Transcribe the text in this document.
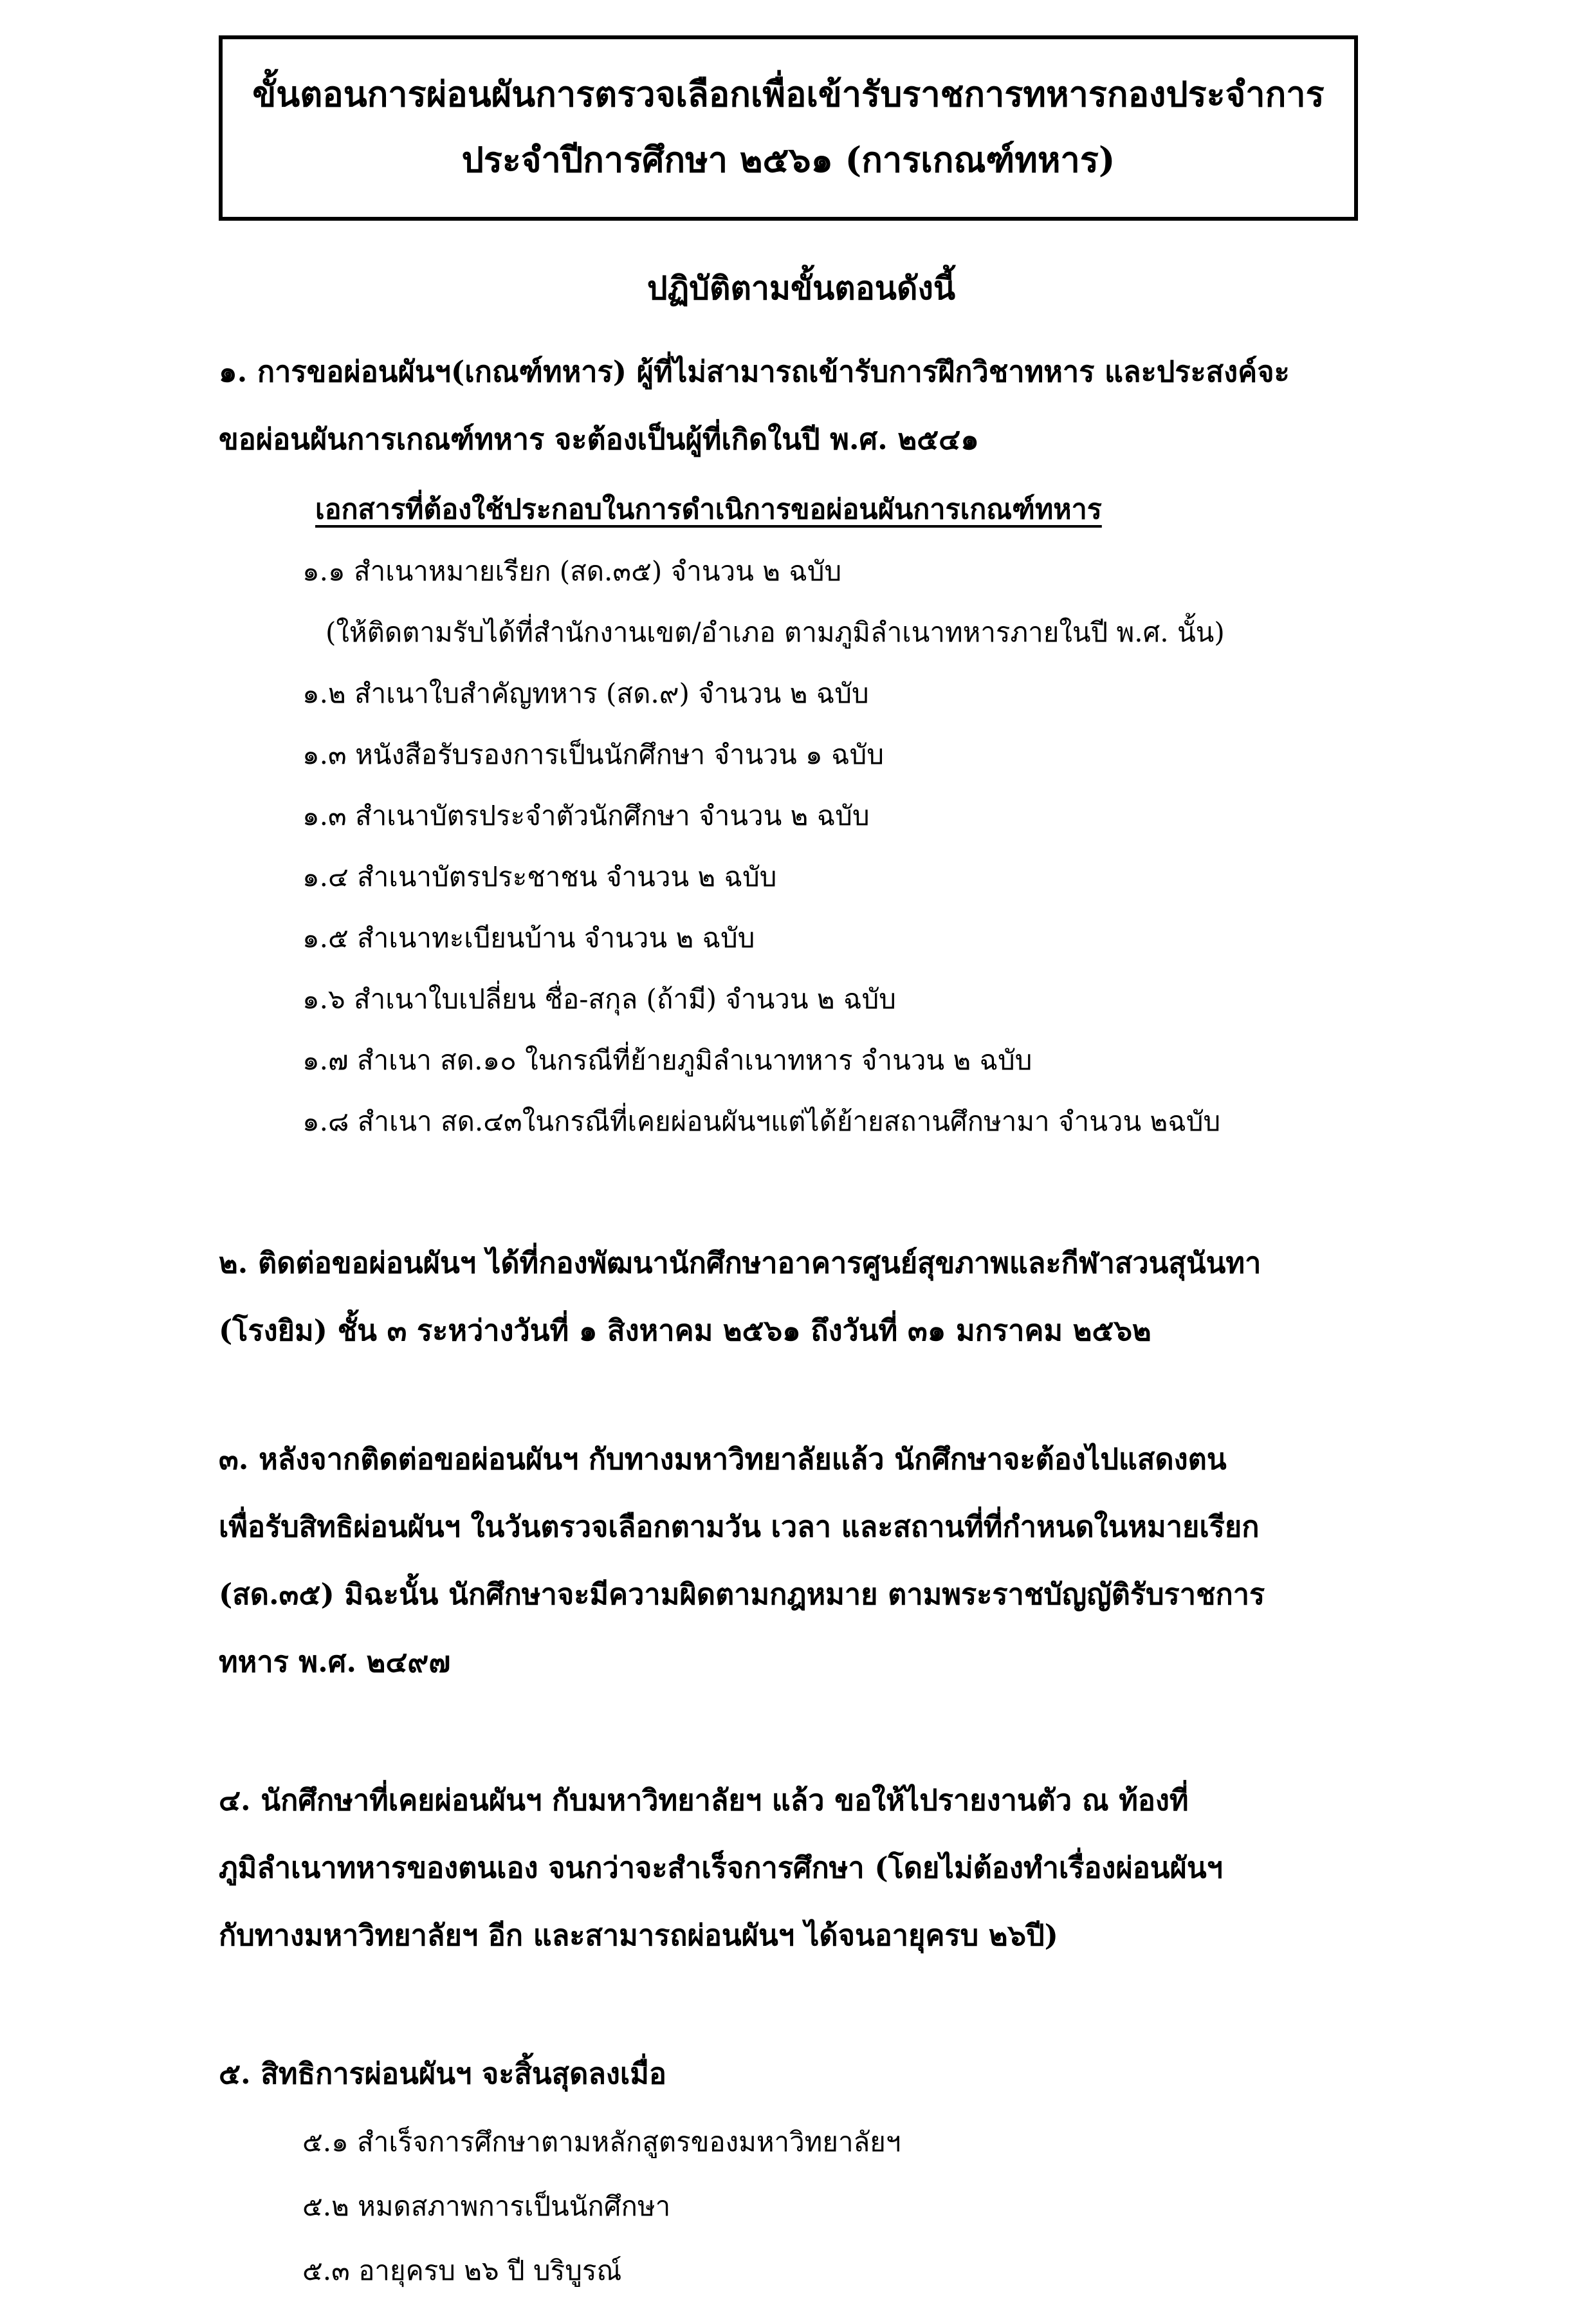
ขั้นตอนการผ่อนผันการตรวจเลือกเพื่อเข้ารับราชการทหารกองประจำการ
ประจำปีการศึกษา ๒๕๖๑ (การเกณฑ์ทหาร)
ปฏิบัติตามขั้นตอนดังนี้
๑. การขอผ่อนผันฯ(เกณฑ์ทหาร) ผู้ที่ไม่สามารถเข้ารับการฝึกวิชาทหาร และประสงค์จะ
ขอผ่อนผันการเกณฑ์ทหาร จะต้องเป็นผู้ที่เกิดในปี พ.ศ. ๒๕๔๑
เอกสารที่ต้องใช้ประกอบในการดำเนิการขอผ่อนผันการเกณฑ์ทหาร
๑.๑ สำเนาหมายเรียก (สด.๓๕) จำนวน ๒ ฉบับ
(ให้ติดตามรับได้ที่สำนักงานเขต/อำเภอ ตามภูมิลำเนาทหารภายในปี พ.ศ. นั้น)
๑.๒ สำเนาใบสำคัญทหาร (สด.๙) จำนวน ๒ ฉบับ
๑.๓ หนังสือรับรองการเป็นนักศึกษา จำนวน ๑ ฉบับ
๑.๓ สำเนาบัตรประจำตัวนักศึกษา จำนวน ๒ ฉบับ
๑.๔ สำเนาบัตรประชาชน จำนวน ๒ ฉบับ
๑.๕ สำเนาทะเบียนบ้าน จำนวน ๒ ฉบับ
๑.๖ สำเนาใบเปลี่ยน ชื่อ-สกุล (ถ้ามี) จำนวน ๒ ฉบับ
๑.๗ สำเนา สด.๑๐ ในกรณีที่ย้ายภูมิลำเนาทหาร จำนวน ๒ ฉบับ
๑.๘ สำเนา สด.๔๓ในกรณีที่เคยผ่อนผันฯแต่ได้ย้ายสถานศึกษามา จำนวน ๒ฉบับ
๒. ติดต่อขอผ่อนผันฯ ได้ที่กองพัฒนานักศึกษาอาคารศูนย์สุขภาพและกีฬาสวนสุนันทา
(โรงยิม) ชั้น ๓ ระหว่างวันที่ ๑ สิงหาคม ๒๕๖๑ ถึงวันที่ ๓๑ มกราคม ๒๕๖๒
๓. หลังจากติดต่อขอผ่อนผันฯ กับทางมหาวิทยาลัยแล้ว นักศึกษาจะต้องไปแสดงตน
เพื่อรับสิทธิผ่อนผันฯ ในวันตรวจเลือกตามวัน เวลา และสถานที่ที่กำหนดในหมายเรียก
(สด.๓๕) มิฉะนั้น นักศึกษาจะมีความผิดตามกฎหมาย ตามพระราชบัญญัติรับราชการ
ทหาร พ.ศ. ๒๔๙๗
๔. นักศึกษาที่เคยผ่อนผันฯ กับมหาวิทยาลัยฯ แล้ว ขอให้ไปรายงานตัว ณ ท้องที่
ภูมิลำเนาทหารของตนเอง จนกว่าจะสำเร็จการศึกษา (โดยไม่ต้องทำเรื่องผ่อนผันฯ
กับทางมหาวิทยาลัยฯ อีก และสามารถผ่อนผันฯ ได้จนอายุครบ ๒๖ปี)
๕. สิทธิการผ่อนผันฯ จะสิ้นสุดลงเมื่อ
๕.๑ สำเร็จการศึกษาตามหลักสูตรของมหาวิทยาลัยฯ
๕.๒ หมดสภาพการเป็นนักศึกษา
๕.๓ อายุครบ ๒๖ ปี บริบูรณ์
